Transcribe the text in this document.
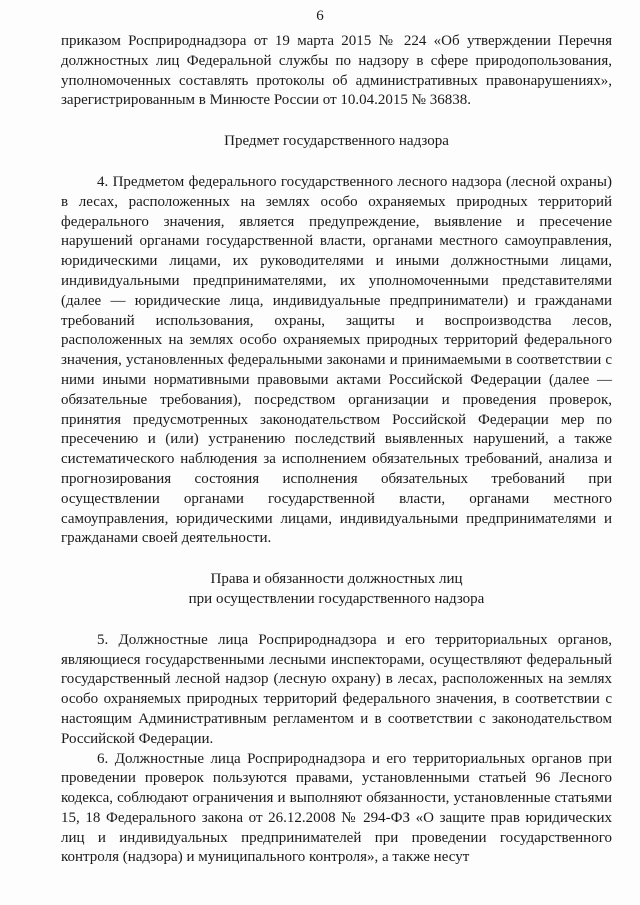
6

приказом Росприроднадзора от 19 марта 2015 № 224 «Об утверждении Перечня должностных лиц Федеральной службы по надзору в сфере природопользования, уполномоченных составлять протоколы об административных правонарушениях», зарегистрированным в Минюсте России от 10.04.2015 № 36838.

Предмет государственного надзора

4. Предметом федерального государственного лесного надзора (лесной охраны) в лесах, расположенных на землях особо охраняемых природных территорий федерального значения, является предупреждение, выявление и пресечение нарушений органами государственной власти, органами местного самоуправления, юридическими лицами, их руководителями и иными должностными лицами, индивидуальными предпринимателями, их уполномоченными представителями (далее — юридические лица, индивидуальные предприниматели) и гражданами требований использования, охраны, защиты и воспроизводства лесов, расположенных на землях особо охраняемых природных территорий федерального значения, установленных федеральными законами и принимаемыми в соответствии с ними иными нормативными правовыми актами Российской Федерации (далее — обязательные требования), посредством организации и проведения проверок, принятия предусмотренных законодательством Российской Федерации мер по пресечению и (или) устранению последствий выявленных нарушений, а также систематического наблюдения за исполнением обязательных требований, анализа и прогнозирования состояния исполнения обязательных требований при осуществлении органами государственной власти, органами местного самоуправления, юридическими лицами, индивидуальными предпринимателями и гражданами своей деятельности.

Права и обязанности должностных лиц
при осуществлении государственного надзора

5. Должностные лица Росприроднадзора и его территориальных органов, являющиеся государственными лесными инспекторами, осуществляют федеральный государственный лесной надзор (лесную охрану) в лесах, расположенных на землях особо охраняемых природных территорий федерального значения, в соответствии с настоящим Административным регламентом и в соответствии с законодательством Российской Федерации.

6. Должностные лица Росприроднадзора и его территориальных органов при проведении проверок пользуются правами, установленными статьей 96 Лесного кодекса, соблюдают ограничения и выполняют обязанности, установленные статьями 15, 18 Федерального закона от 26.12.2008 № 294-ФЗ «О защите прав юридических лиц и индивидуальных предпринимателей при проведении государственного контроля (надзора) и муниципального контроля», а также несут
